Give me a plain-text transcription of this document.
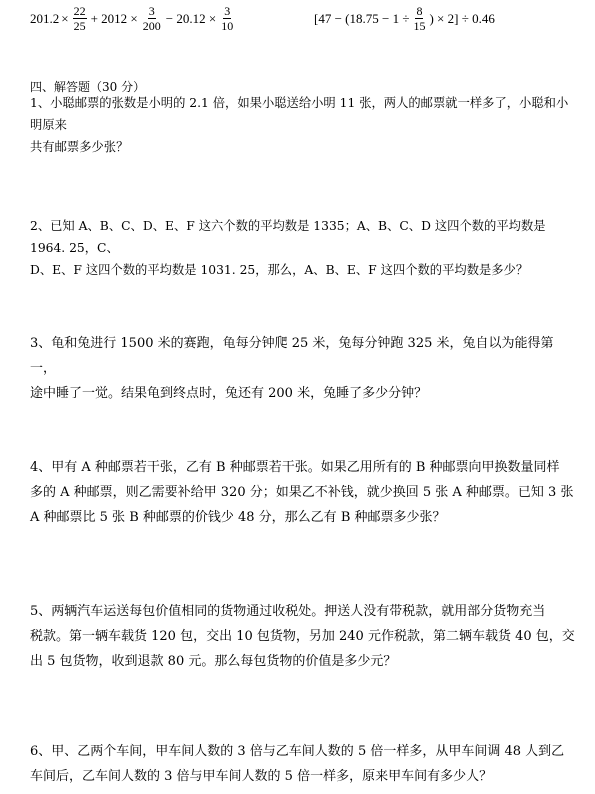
$201.2 \times \frac{22}{25} + 2012 \times \frac{3}{200} - 20.12 \times \frac{3}{10}$	[$47 - (18.75 - 1 \div \frac{8}{15}$ ) × 2] ÷ 0.46
四、解答题（30 分）
1、小聪邮票的张数是小明的 2.1 倍，如果小聪送给小明 11 张，两人的邮票就一样多了，小聪和小明原来
共有邮票多少张？
2、已知 A、B、C、D、E、F 这六个数的平均数是 1335；A、B、C、D 这四个数的平均数是 1964. 25，C、
D、E、F 这四个数的平均数是 1031. 25，那么，A、B、E、F 这四个数的平均数是多少？
3、龟和兔进行 1500 米的赛跑，龟每分钟爬 25 米，兔每分钟跑 325 米，兔自以为能得第一，
途中睡了一觉。结果龟到终点时，兔还有 200 米，兔睡了多少分钟？
4、甲有 A 种邮票若干张，乙有 B 种邮票若干张。如果乙用所有的 B 种邮票向甲换数量同样
多的 A 种邮票，则乙需要补给甲 320 分；如果乙不补钱，就少换回 5 张 A 种邮票。已知 3 张
A 种邮票比 5 张 B 种邮票的价钱少 48 分，那么乙有 B 种邮票多少张？
5、两辆汽车运送每包价值相同的货物通过收税处。押送人没有带税款，就用部分货物充当
税款。第一辆车载货 120 包，交出 10 包货物，另加 240 元作税款，第二辆车载货 40 包，交
出 5 包货物，收到退款 80 元。那么每包货物的价值是多少元？
6、甲、乙两个车间，甲车间人数的 3 倍与乙车间人数的 5 倍一样多，从甲车间调 48 人到乙
车间后，乙车间人数的 3 倍与甲车间人数的 5 倍一样多，原来甲车间有多少人？
